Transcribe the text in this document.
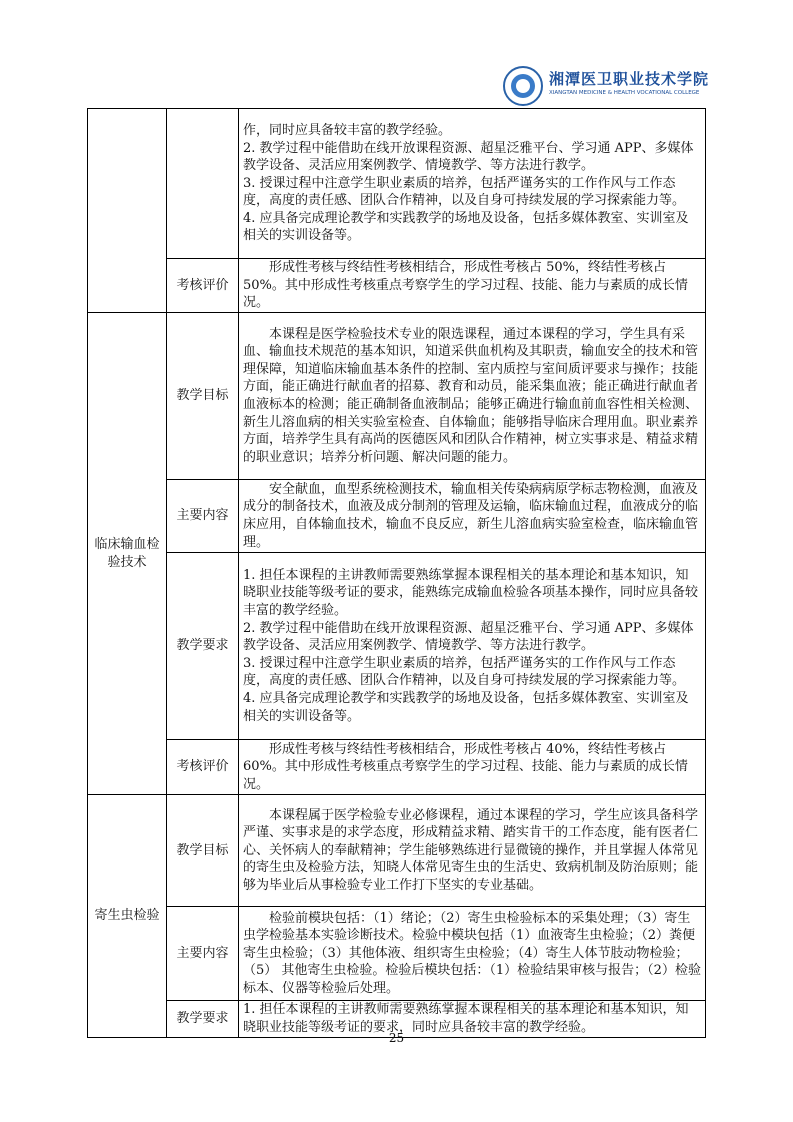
湘潭医卫职业技术学院
XIANGTAN MEDICINE & HEALTH VOCATIONAL COLLEGE

		作，同时应具备较丰富的教学经验。

2. 教学过程中能借助在线开放课程资源、超星泛雅平台、学习通 APP、多媒体教学设备、灵活应用案例教学、情境教学、等方法进行教学。

3. 授课过程中注意学生职业素质的培养，包括严谨务实的工作作风与工作态度，高度的责任感、团队合作精神，以及自身可持续发展的学习探索能力等。

4. 应具备完成理论教学和实践教学的场地及设备，包括多媒体教室、实训室及相关的实训设备等。

	考核评价	形成性考核与终结性考核相结合，形成性考核占 50%，终结性考核占 50%。其中形成性考核重点考察学生的学习过程、技能、能力与素质的成长情况。

临床输血检验技术	教学目标	本课程是医学检验技术专业的限选课程，通过本课程的学习，学生具有采血、输血技术规范的基本知识，知道采供血机构及其职责，输血安全的技术和管理保障，知道临床输血基本条件的控制、室内质控与室间质评要求与操作；技能方面，能正确进行献血者的招募、教育和动员，能采集血液；能正确进行献血者血液标本的检测；能正确制备血液制品；能够正确进行输血前血容性相关检测、新生儿溶血病的相关实验室检查、自体输血；能够指导临床合理用血。职业素养方面，培养学生具有高尚的医德医风和团队合作精神，树立实事求是、精益求精的职业意识；培养分析问题、解决问题的能力。

	主要内容	安全献血，血型系统检测技术，输血相关传染病病原学标志物检测，血液及成分的制备技术，血液及成分制剂的管理及运输，临床输血过程，血液成分的临床应用，自体输血技术，输血不良反应，新生儿溶血病实验室检查，临床输血管理。

	教学要求	1. 担任本课程的主讲教师需要熟练掌握本课程相关的基本理论和基本知识，知晓职业技能等级考证的要求，能熟练完成输血检验各项基本操作，同时应具备较丰富的教学经验。

2. 教学过程中能借助在线开放课程资源、超星泛雅平台、学习通 APP、多媒体教学设备、灵活应用案例教学、情境教学、等方法进行教学。

3. 授课过程中注意学生职业素质的培养，包括严谨务实的工作作风与工作态度，高度的责任感、团队合作精神，以及自身可持续发展的学习探索能力等。

4. 应具备完成理论教学和实践教学的场地及设备，包括多媒体教室、实训室及相关的实训设备等。

	考核评价	形成性考核与终结性考核相结合，形成性考核占 40%，终结性考核占 60%。其中形成性考核重点考察学生的学习过程、技能、能力与素质的成长情况。

寄生虫检验	教学目标	本课程属于医学检验专业必修课程，通过本课程的学习，学生应该具备科学严谨、实事求是的求学态度，形成精益求精、踏实肯干的工作态度，能有医者仁心、关怀病人的奉献精神；学生能够熟练进行显微镜的操作，并且掌握人体常见的寄生虫及检验方法，知晓人体常见寄生虫的生活史、致病机制及防治原则；能够为毕业后从事检验专业工作打下坚实的专业基础。

	主要内容	检验前模块包括：（1）绪论；（2）寄生虫检验标本的采集处理；（3）寄生虫学检验基本实验诊断技术。检验中模块包括（1）血液寄生虫检验；（2）粪便寄生虫检验；（3）其他体液、组织寄生虫检验；（4）寄生人体节肢动物检验；（5） 其他寄生虫检验。检验后模块包括：（1）检验结果审核与报告；（2）检验标本、仪器等检验后处理。

	教学要求	1. 担任本课程的主讲教师需要熟练掌握本课程相关的基本理论和基本知识，知晓职业技能等级考证的要求，同时应具备较丰富的教学经验。

25
